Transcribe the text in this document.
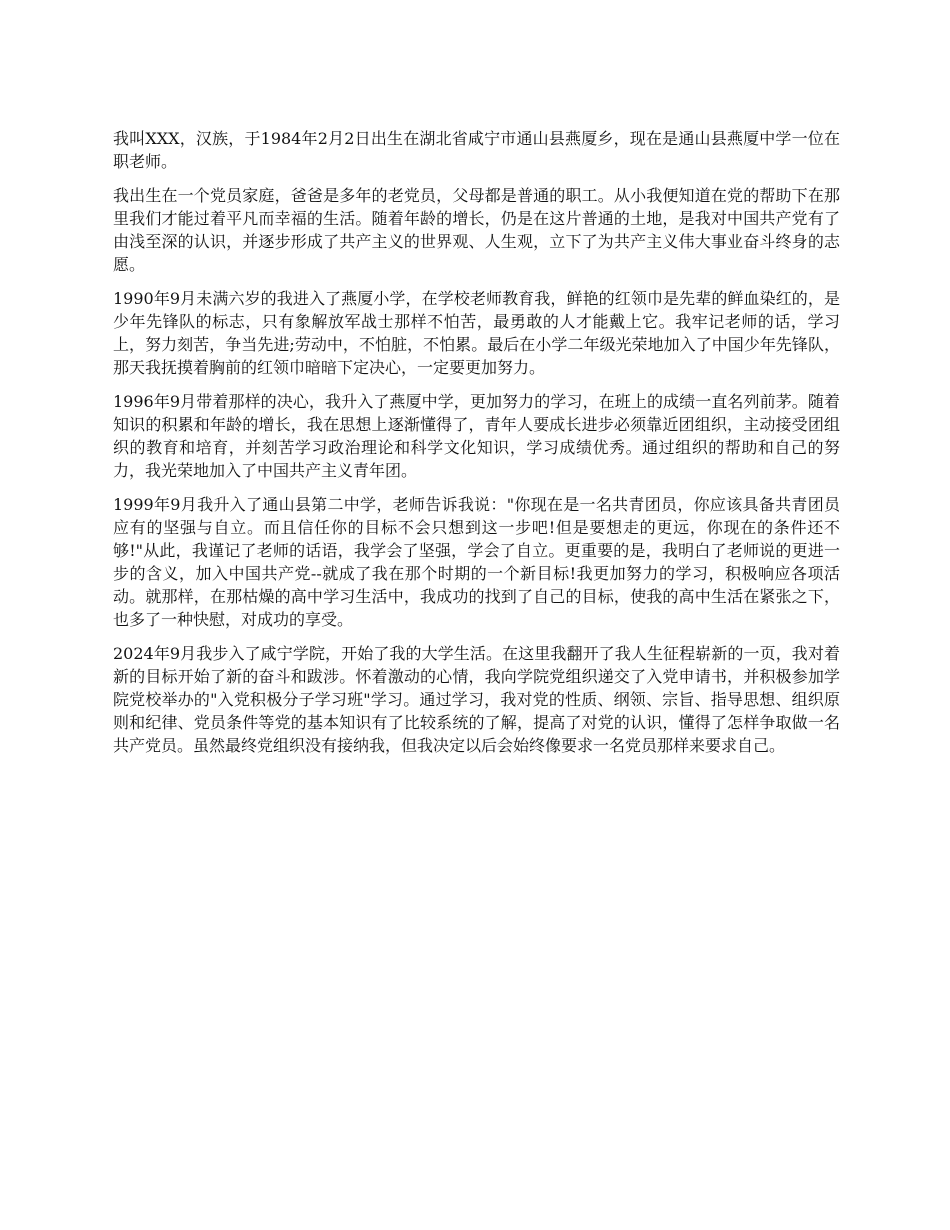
我叫XXX，汉族，于1984年2月2日出生在湖北省咸宁市通山县燕厦乡，现在是通山县燕厦中学一位在职老师。

我出生在一个党员家庭，爸爸是多年的老党员，父母都是普通的职工。从小我便知道在党的帮助下在那里我们才能过着平凡而幸福的生活。随着年龄的增长，仍是在这片普通的土地，是我对中国共产党有了由浅至深的认识，并逐步形成了共产主义的世界观、人生观，立下了为共产主义伟大事业奋斗终身的志愿。

1990年9月未满六岁的我进入了燕厦小学，在学校老师教育我，鲜艳的红领巾是先辈的鲜血染红的，是少年先锋队的标志，只有象解放军战士那样不怕苦，最勇敢的人才能戴上它。我牢记老师的话，学习上，努力刻苦，争当先进;劳动中，不怕脏，不怕累。最后在小学二年级光荣地加入了中国少年先锋队，那天我抚摸着胸前的红领巾暗暗下定决心，一定要更加努力。

1996年9月带着那样的决心，我升入了燕厦中学，更加努力的学习，在班上的成绩一直名列前茅。随着知识的积累和年龄的增长，我在思想上逐渐懂得了，青年人要成长进步必须靠近团组织，主动接受团组织的教育和培育，并刻苦学习政治理论和科学文化知识，学习成绩优秀。通过组织的帮助和自己的努力，我光荣地加入了中国共产主义青年团。

1999年9月我升入了通山县第二中学，老师告诉我说："你现在是一名共青团员，你应该具备共青团员应有的坚强与自立。而且信任你的目标不会只想到这一步吧!但是要想走的更远，你现在的条件还不够!"从此，我谨记了老师的话语，我学会了坚强，学会了自立。更重要的是，我明白了老师说的更进一步的含义，加入中国共产党--就成了我在那个时期的一个新目标!我更加努力的学习，积极响应各项活动。就那样，在那枯燥的高中学习生活中，我成功的找到了自己的目标，使我的高中生活在紧张之下，也多了一种快慰，对成功的享受。

2024年9月我步入了咸宁学院，开始了我的大学生活。在这里我翻开了我人生征程崭新的一页，我对着新的目标开始了新的奋斗和跋涉。怀着激动的心情，我向学院党组织递交了入党申请书，并积极参加学院党校举办的"入党积极分子学习班"学习。通过学习，我对党的性质、纲领、宗旨、指导思想、组织原则和纪律、党员条件等党的基本知识有了比较系统的了解，提高了对党的认识，懂得了怎样争取做一名共产党员。虽然最终党组织没有接纳我，但我决定以后会始终像要求一名党员那样来要求自己。
